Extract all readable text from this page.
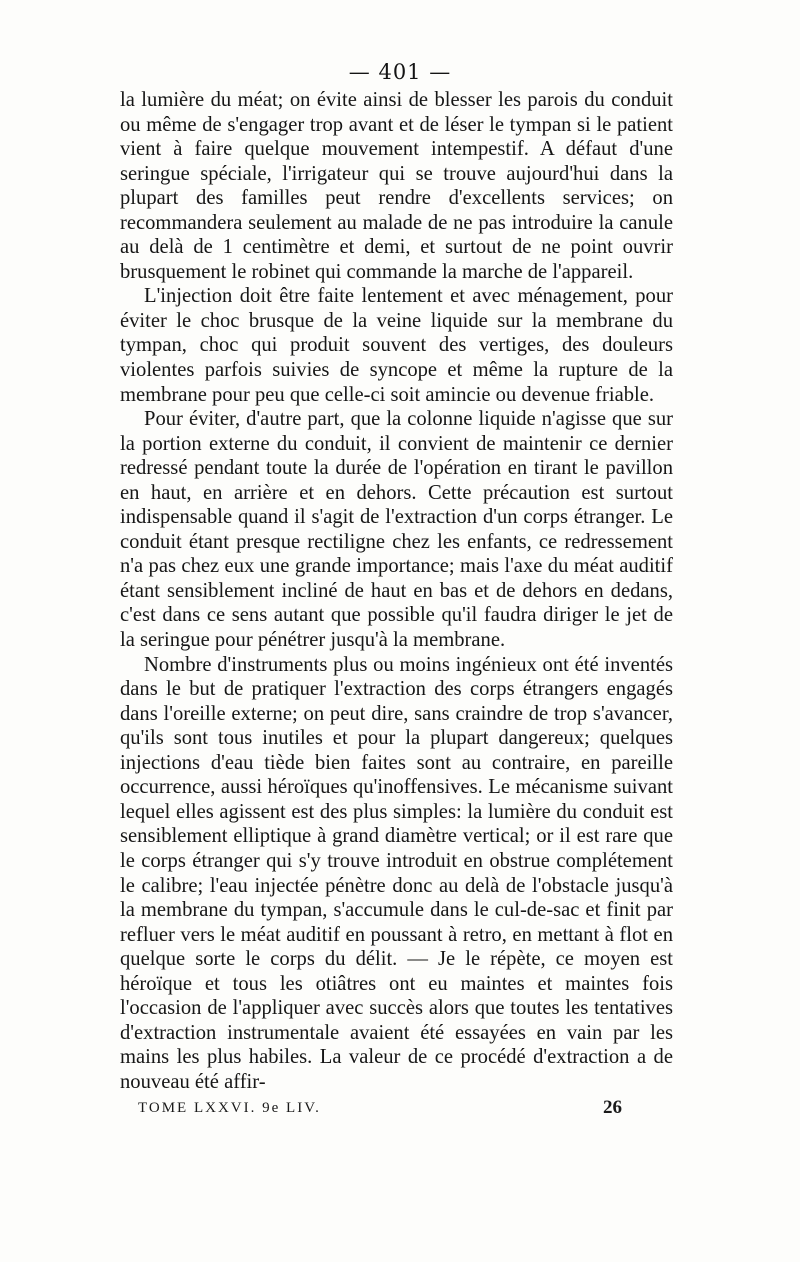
— 401 —

la lumière du méat; on évite ainsi de blesser les parois du conduit ou même de s'engager trop avant et de léser le tympan si le patient vient à faire quelque mouvement intempestif. A défaut d'une seringue spéciale, l'irrigateur qui se trouve aujourd'hui dans la plupart des familles peut rendre d'excellents services; on recommandera seulement au malade de ne pas introduire la canule au delà de 1 centimètre et demi, et surtout de ne point ouvrir brusquement le robinet qui commande la marche de l'appareil.

L'injection doit être faite lentement et avec ménagement, pour éviter le choc brusque de la veine liquide sur la membrane du tympan, choc qui produit souvent des vertiges, des douleurs violentes parfois suivies de syncope et même la rupture de la membrane pour peu que celle-ci soit amincie ou devenue friable.

Pour éviter, d'autre part, que la colonne liquide n'agisse que sur la portion externe du conduit, il convient de maintenir ce dernier redressé pendant toute la durée de l'opération en tirant le pavillon en haut, en arrière et en dehors. Cette précaution est surtout indispensable quand il s'agit de l'extraction d'un corps étranger. Le conduit étant presque rectiligne chez les enfants, ce redressement n'a pas chez eux une grande importance; mais l'axe du méat auditif étant sensiblement incliné de haut en bas et de dehors en dedans, c'est dans ce sens autant que possible qu'il faudra diriger le jet de la seringue pour pénétrer jusqu'à la membrane.

Nombre d'instruments plus ou moins ingénieux ont été inventés dans le but de pratiquer l'extraction des corps étrangers engagés dans l'oreille externe; on peut dire, sans craindre de trop s'avancer, qu'ils sont tous inutiles et pour la plupart dangereux; quelques injections d'eau tiède bien faites sont au contraire, en pareille occurrence, aussi héroïques qu'inoffensives. Le mécanisme suivant lequel elles agissent est des plus simples: la lumière du conduit est sensiblement elliptique à grand diamètre vertical; or il est rare que le corps étranger qui s'y trouve introduit en obstrue complétement le calibre; l'eau injectée pénètre donc au delà de l'obstacle jusqu'à la membrane du tympan, s'accumule dans le cul-de-sac et finit par refluer vers le méat auditif en poussant à retro, en mettant à flot en quelque sorte le corps du délit. — Je le répète, ce moyen est héroïque et tous les otiâtres ont eu maintes et maintes fois l'occasion de l'appliquer avec succès alors que toutes les tentatives d'extraction instrumentale avaient été essayées en vain par les mains les plus habiles. La valeur de ce procédé d'extraction a de nouveau été affir-

TOME LXXVI. 9e LIV.	26
